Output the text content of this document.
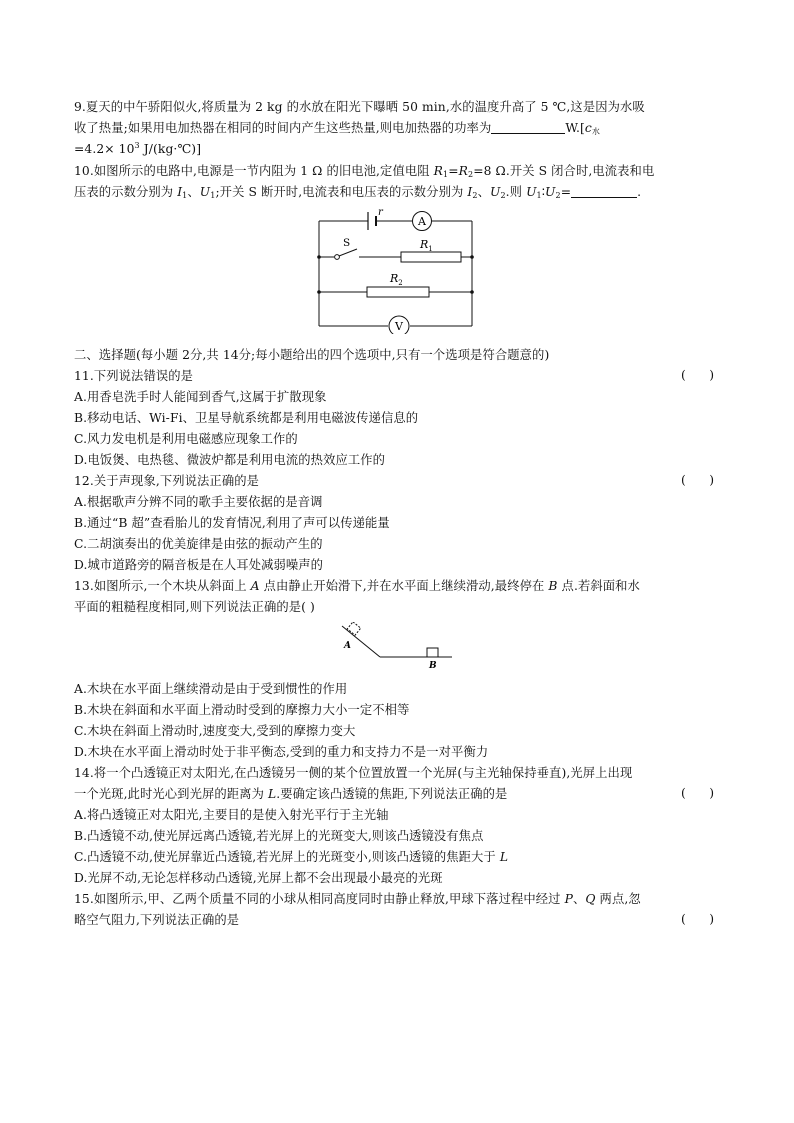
9.夏天的中午骄阳似火,将质量为 2 kg 的水放在阳光下曝晒 50 min,水的温度升高了 5 ℃,这是因为水吸
收了热量;如果用电加热器在相同的时间内产生这些热量,则电加热器的功率为	$W.[c_水$
$=4.2\times 10^3$ J/(kg·℃)]
10.如图所示的电路中,电源是一节内阻为 1 Ω 的旧电池,定值电阻 $R_1=R_2=8$ Ω.开关 S 闭合时,电流表和电
压表的示数分别为 $I_1$、$U_1$;开关 S 断开时,电流表和电压表的示数分别为 $I_2$、$U_2$.则 $U_1∶U_2=$	.
A
V
r
S	$R_1$
$R_2$
二、选择题(每小题 2分,共 14分;每小题给出的四个选项中,只有一个选项是符合题意的)
11.下列说法错误的是	(      )
A.用香皂洗手时人能闻到香气,这属于扩散现象
B.移动电话、Wi-Fi、卫星导航系统都是利用电磁波传递信息的
C.风力发电机是利用电磁感应现象工作的
D.电饭煲、电热毯、微波炉都是利用电流的热效应工作的
12.关于声现象,下列说法正确的是	(      )
A.根据歌声分辨不同的歌手主要依据的是音调
B.通过“B 超”查看胎儿的发育情况,利用了声可以传递能量
C.二胡演奏出的优美旋律是由弦的振动产生的
D.城市道路旁的隔音板是在人耳处减弱噪声的
13.如图所示,一个木块从斜面上 A 点由静止开始滑下,并在水平面上继续滑动,最终停在 B 点.若斜面和水
平面的粗糙程度相同,则下列说法正确的是( )
A
B
A.木块在水平面上继续滑动是由于受到惯性的作用
B.木块在斜面和水平面上滑动时受到的摩擦力大小一定不相等
C.木块在斜面上滑动时,速度变大,受到的摩擦力变大
D.木块在水平面上滑动时处于非平衡态,受到的重力和支持力不是一对平衡力
14.将一个凸透镜正对太阳光,在凸透镜另一侧的某个位置放置一个光屏(与主光轴保持垂直),光屏上出现
一个光斑,此时光心到光屏的距离为 L.要确定该凸透镜的焦距,下列说法正确的是	(      )
A.将凸透镜正对太阳光,主要目的是使入射光平行于主光轴
B.凸透镜不动,使光屏远离凸透镜,若光屏上的光斑变大,则该凸透镜没有焦点
C.凸透镜不动,使光屏靠近凸透镜,若光屏上的光斑变小,则该凸透镜的焦距大于 L
D.光屏不动,无论怎样移动凸透镜,光屏上都不会出现最小最亮的光斑
15.如图所示,甲、乙两个质量不同的小球从相同高度同时由静止释放,甲球下落过程中经过 P、Q 两点,忽
略空气阻力,下列说法正确的是	(      )
